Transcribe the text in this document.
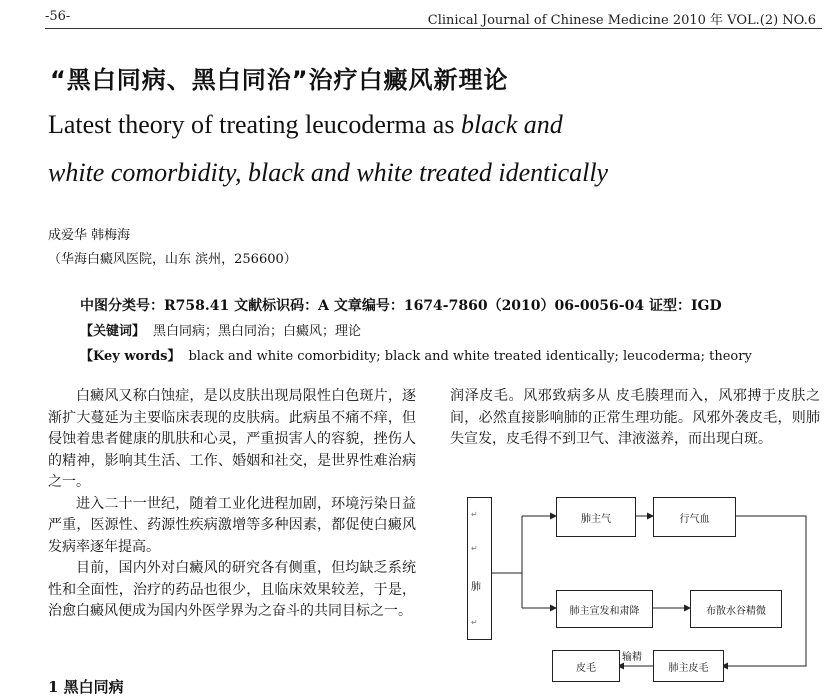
-56-	Clinical Journal of Chinese Medicine 2010 年 VOL.(2) NO.6
“黑白同病、黑白同治”治疗白癜风新理论
Latest theory of treating leucoderma as black and
white comorbidity, black and white treated identically
成爱华 韩梅海
（华海白癜风医院，山东 滨州，256600）
中图分类号：R758.41 文献标识码：A 文章编号：1674-7860（2010）06-0056-04 证型：IGD
【关键词】 黑白同病；黑白同治；白癜风；理论
【Key words】 black and white comorbidity; black and white treated identically; leucoderma; theory

白癜风又称白蚀症，是以皮肤出现局限性白色斑片，逐渐扩大蔓延为主要临床表现的皮肤病。此病虽不痛不痒，但侵蚀着患者健康的肌肤和心灵，严重损害人的容貌，挫伤人的精神，影响其生活、工作、婚姻和社交，是世界性难治病之一。

进入二十一世纪，随着工业化进程加剧，环境污染日益严重，医源性、药源性疾病激增等多种因素，都促使白癜风发病率逐年提高。

目前，国内外对白癜风的研究各有侧重，但均缺乏系统性和全面性，治疗的药品也很少，且临床效果较差，于是，治愈白癜风便成为国内外医学界为之奋斗的共同目标之一。

1 黑白同病

润泽皮毛。风邪致病多从 皮毛腠理而入，风邪搏于皮肤之间，必然直接影响肺的正常生理功能。风邪外袭皮毛，则肺失宣发，皮毛得不到卫气、津液滋养，而出现白斑。

↵
↵
肺
↵
肺主气	行气血
肺主宣发和肃降	布散水谷精微
肺主皮毛
皮毛
输精
